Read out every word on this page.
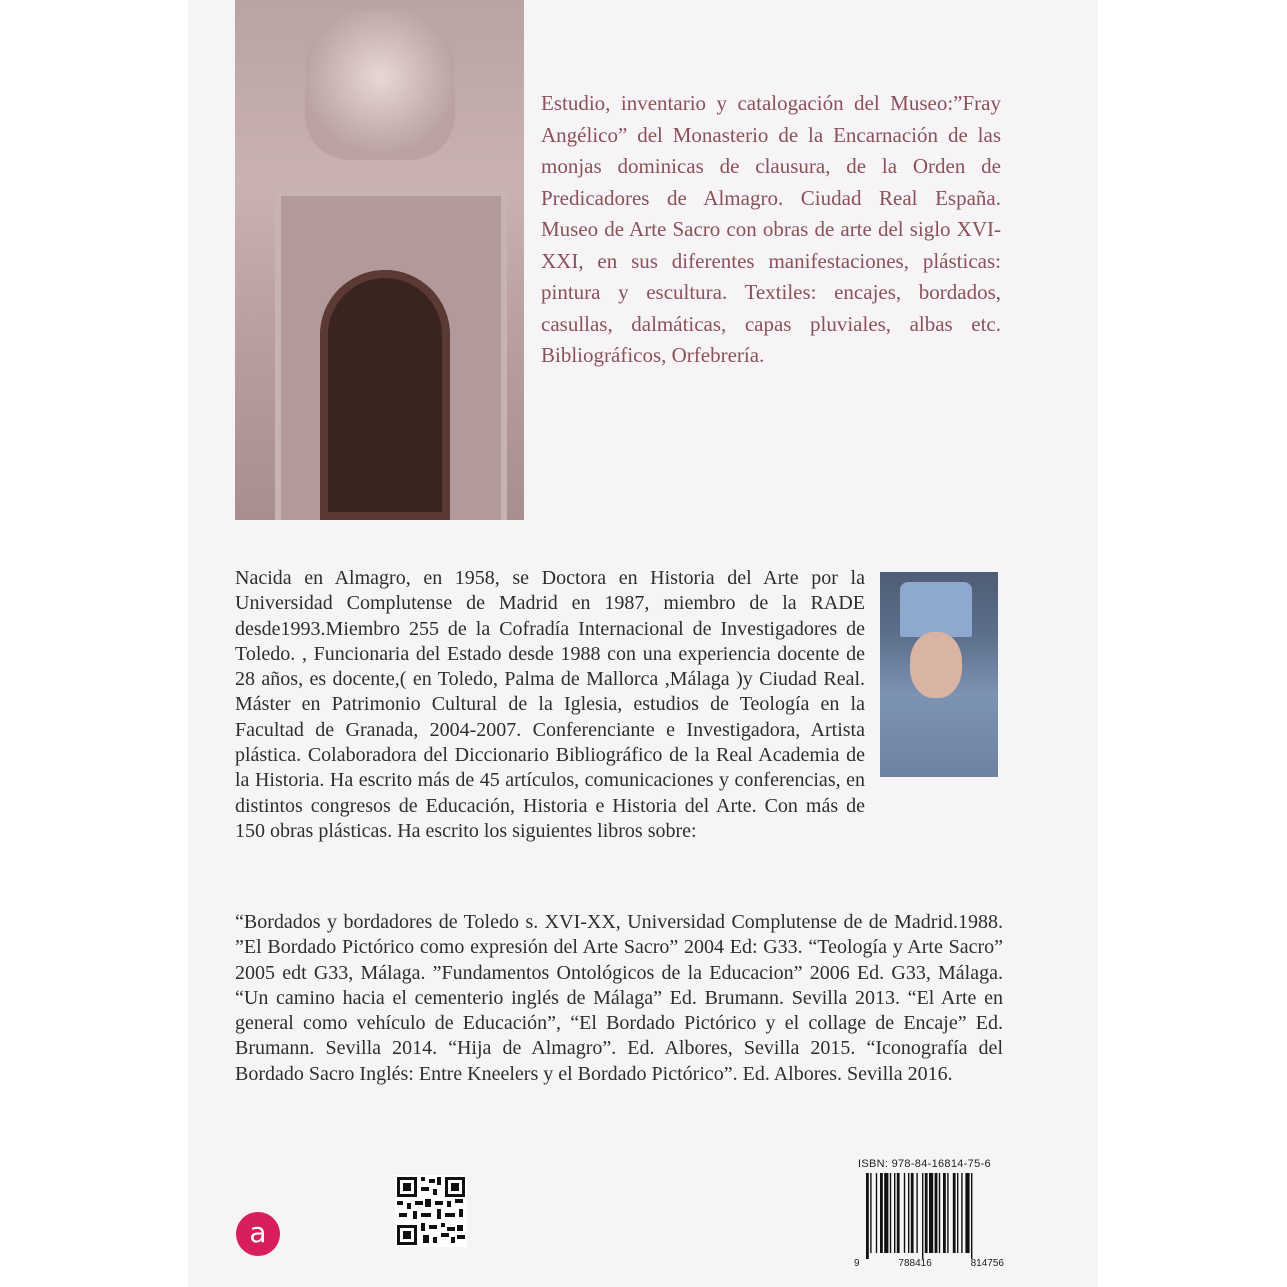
Estudio, inventario y catalogación del Museo:”Fray Angélico” del Monasterio de la Encarnación de las monjas dominicas de clausura, de la Orden de Predicadores de Almagro. Ciudad Real España. Museo de Arte Sacro con obras de arte del siglo XVI-XXI, en sus diferentes manifestaciones, plásticas: pintura y escultura. Textiles: encajes, bordados, casullas, dalmáticas, capas pluviales, albas etc. Bibliográficos, Orfebrería.

Nacida en Almagro, en 1958, se Doctora en Historia del Arte por la Universidad Complutense de Madrid en 1987, miembro de la RADE desde1993.Miembro 255 de la Cofradía Internacional de Investigadores de Toledo. , Funcionaria del Estado desde 1988 con una experiencia docente de 28 años, es docente,( en Toledo, Palma de Mallorca ,Málaga )y Ciudad Real. Máster en Patrimonio Cultural de la Iglesia, estudios de Teología en la Facultad de Granada, 2004-2007. Conferenciante e Investigadora, Artista plástica. Colaboradora del Diccionario Bibliográfico de la Real Academia de la Historia. Ha escrito más de 45 artículos, comunicaciones y conferencias, en distintos congresos de Educación, Historia e Historia del Arte. Con más de 150 obras plásticas. Ha escrito los siguientes libros sobre:

“Bordados y bordadores de Toledo s. XVI-XX, Universidad Complutense de de Madrid.1988. ”El Bordado Pictórico como expresión del Arte Sacro” 2004 Ed: G33. “Teología y Arte Sacro” 2005 edt G33, Málaga. ”Fundamentos Ontológicos de la Educacion” 2006 Ed. G33, Málaga. “Un camino hacia el cementerio inglés de Málaga” Ed. Brumann. Sevilla 2013. “El Arte en general como vehículo de Educación”, “El Bordado Pictórico y el collage de Encaje” Ed. Brumann. Sevilla 2014. “Hija de Almagro”. Ed. Albores, Sevilla 2015. “Iconografía del Bordado Sacro Inglés: Entre Kneelers y el Bordado Pictórico”. Ed. Albores. Sevilla 2016.

a
ISBN: 978-84-16814-75-6
9	788416	814756
